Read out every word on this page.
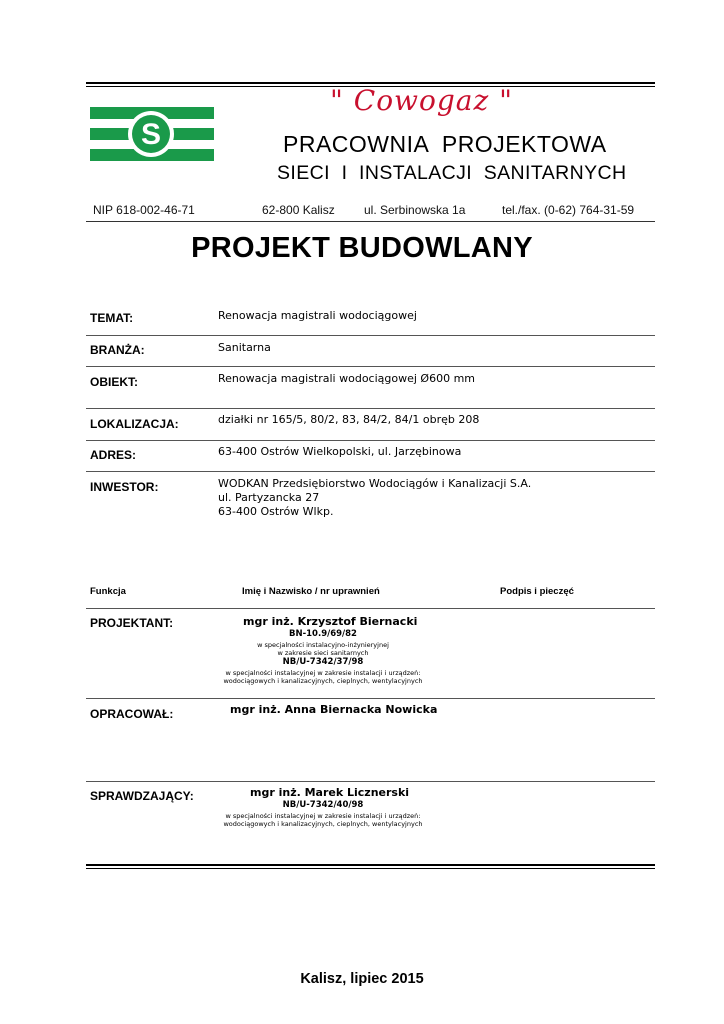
S
" Cowogaz "
PRACOWNIA  PROJEKTOWA
SIECI  I  INSTALACJI  SANITARNYCH
NIP 618-002-46-71	62-800 Kalisz ul. Serbinowska 1a	tel./fax. (0-62) 764-31-59
PROJEKT BUDOWLANY
TEMAT:	Renowacja magistrali wodociągowej
BRANŻA:	Sanitarna
OBIEKT:	Renowacja magistrali wodociągowej Ø600 mm
LOKALIZACJA:	działki nr 165/5, 80/2, 83, 84/2, 84/1 obręb 208
ADRES:	63-400 Ostrów Wielkopolski, ul. Jarzębinowa
INWESTOR:	WODKAN Przedsiębiorstwo Wodociągów i Kanalizacji S.A.
ul. Partyzancka 27
63-400 Ostrów Wlkp.
Funkcja	Imię i Nazwisko / nr uprawnień	Podpis i pieczęć
PROJEKTANT:	mgr inż. Krzysztof Biernacki
BN-10.9/69/82
w specjalności instalacyjno-inżynieryjnej
w zakresie sieci sanitarnych
NB/U-7342/37/98
w specjalności instalacyjnej w zakresie instalacji i urządzeń:
wodociągowych i kanalizacyjnych, cieplnych, wentylacyjnych
OPRACOWAŁ:	mgr inż. Anna Biernacka Nowicka
SPRAWDZAJĄCY:	mgr inż. Marek Licznerski
NB/U-7342/40/98
w specjalności instalacyjnej w zakresie instalacji i urządzeń:
wodociągowych i kanalizacyjnych, cieplnych, wentylacyjnych
Kalisz, lipiec 2015
